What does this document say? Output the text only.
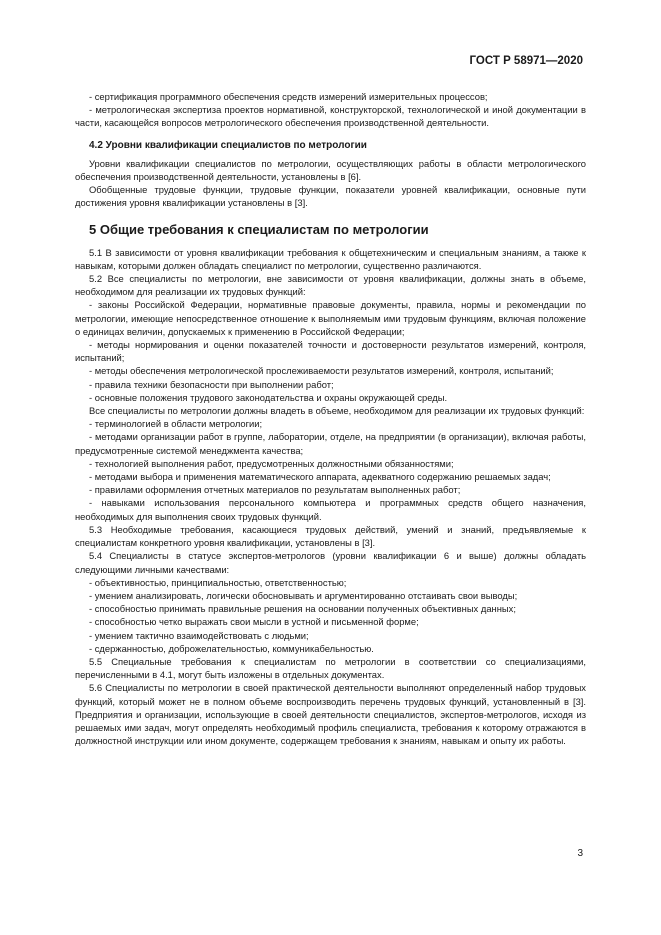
ГОСТ Р 58971—2020

- сертификация программного обеспечения средств измерений измерительных процессов;

- метрологическая экспертиза проектов нормативной, конструкторской, технологической и иной документации в части, касающейся вопросов метрологического обеспечения производственной деятельности.

4.2 Уровни квалификации специалистов по метрологии

Уровни квалификации специалистов по метрологии, осуществляющих работы в области метрологического обеспечения производственной деятельности, установлены в [6].

Обобщенные трудовые функции, трудовые функции, показатели уровней квалификации, основные пути достижения уровня квалификации установлены в [3].

5 Общие требования к специалистам по метрологии

5.1 В зависимости от уровня квалификации требования к общетехническим и специальным знаниям, а также к навыкам, которыми должен обладать специалист по метрологии, существенно различаются.

5.2 Все специалисты по метрологии, вне зависимости от уровня квалификации, должны знать в объеме, необходимом для реализации их трудовых функций:

- законы Российской Федерации, нормативные правовые документы, правила, нормы и рекомендации по метрологии, имеющие непосредственное отношение к выполняемым ими трудовым функциям, включая положение о единицах величин, допускаемых к применению в Российской Федерации;

- методы нормирования и оценки показателей точности и достоверности результатов измерений, контроля, испытаний;

- методы обеспечения метрологической прослеживаемости результатов измерений, контроля, испытаний;

- правила техники безопасности при выполнении работ;

- основные положения трудового законодательства и охраны окружающей среды.

Все специалисты по метрологии должны владеть в объеме, необходимом для реализации их трудовых функций:

- терминологией в области метрологии;

- методами организации работ в группе, лаборатории, отделе, на предприятии (в организации), включая работы, предусмотренные системой менеджмента качества;

- технологией выполнения работ, предусмотренных должностными обязанностями;

- методами выбора и применения математического аппарата, адекватного содержанию решаемых задач;

- правилами оформления отчетных материалов по результатам выполненных работ;

- навыками использования персонального компьютера и программных средств общего назначения, необходимых для выполнения своих трудовых функций.

5.3 Необходимые требования, касающиеся трудовых действий, умений и знаний, предъявляемые к специалистам конкретного уровня квалификации, установлены в [3].

5.4 Специалисты в статусе экспертов-метрологов (уровни квалификации 6 и выше) должны обладать следующими личными качествами:

- объективностью, принципиальностью, ответственностью;

- умением анализировать, логически обосновывать и аргументированно отстаивать свои выводы;

- способностью принимать правильные решения на основании полученных объективных данных;

- способностью четко выражать свои мысли в устной и письменной форме;

- умением тактично взаимодействовать с людьми;

- сдержанностью, доброжелательностью, коммуникабельностью.

5.5 Специальные требования к специалистам по метрологии в соответствии со специализациями, перечисленными в 4.1, могут быть изложены в отдельных документах.

5.6 Специалисты по метрологии в своей практической деятельности выполняют определенный набор трудовых функций, который может не в полном объеме воспроизводить перечень трудовых функций, установленный в [3]. Предприятия и организации, использующие в своей деятельности специалистов, экспертов-метрологов, исходя из решаемых ими задач, могут определять необходимый профиль специалиста, требования к которому отражаются в должностной инструкции или ином документе, содержащем требования к знаниям, навыкам и опыту их работы.

3
